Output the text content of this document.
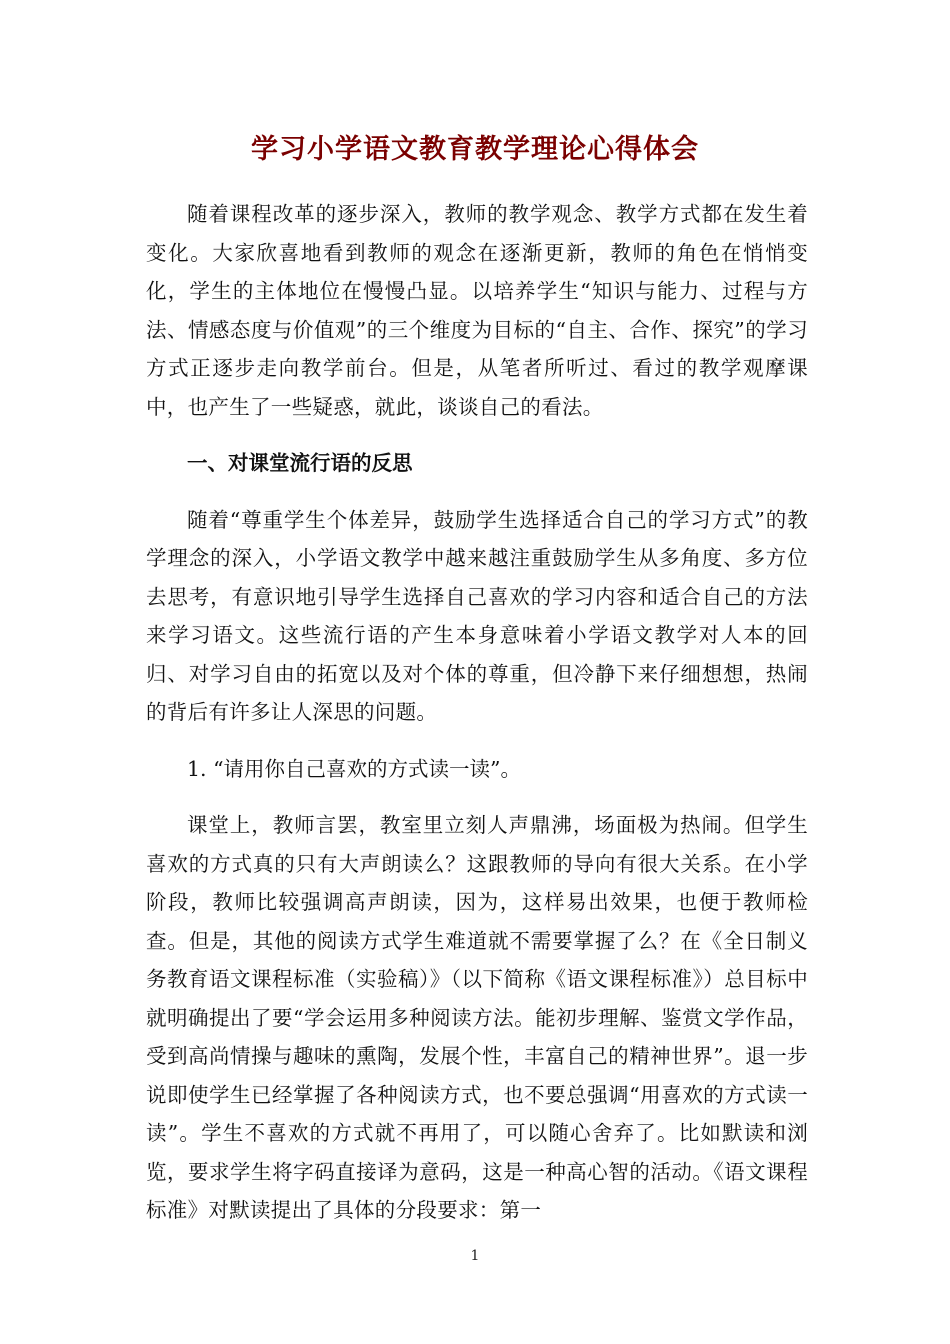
学习小学语文教育教学理论心得体会

随着课程改革的逐步深入，教师的教学观念、教学方式都在发生着变化。大家欣喜地看到教师的观念在逐渐更新，教师的角色在悄悄变化，学生的主体地位在慢慢凸显。以培养学生“知识与能力、过程与方法、情感态度与价值观”的三个维度为目标的“自主、合作、探究”的学习方式正逐步走向教学前台。但是，从笔者所听过、看过的教学观摩课中，也产生了一些疑惑，就此，谈谈自己的看法。

一、对课堂流行语的反思

随着“尊重学生个体差异，鼓励学生选择适合自己的学习方式”的教学理念的深入，小学语文教学中越来越注重鼓励学生从多角度、多方位去思考，有意识地引导学生选择自己喜欢的学习内容和适合自己的方法来学习语文。这些流行语的产生本身意味着小学语文教学对人本的回归、对学习自由的拓宽以及对个体的尊重，但冷静下来仔细想想，热闹的背后有许多让人深思的问题。

1. “请用你自己喜欢的方式读一读”。

课堂上，教师言罢，教室里立刻人声鼎沸，场面极为热闹。但学生喜欢的方式真的只有大声朗读么？这跟教师的导向有很大关系。在小学阶段，教师比较强调高声朗读，因为，这样易出效果，也便于教师检查。但是，其他的阅读方式学生难道就不需要掌握了么？在《全日制义务教育语文课程标准（实验稿）》（以下简称《语文课程标准》）总目标中就明确提出了要“学会运用多种阅读方法。能初步理解、鉴赏文学作品，受到高尚情操与趣味的熏陶，发展个性，丰富自己的精神世界”。退一步说即使学生已经掌握了各种阅读方式，也不要总强调“用喜欢的方式读一读”。学生不喜欢的方式就不再用了，可以随心舍弃了。比如默读和浏览，要求学生将字码直接译为意码，这是一种高心智的活动。《语文课程标准》对默读提出了具体的分段要求：第一

1
